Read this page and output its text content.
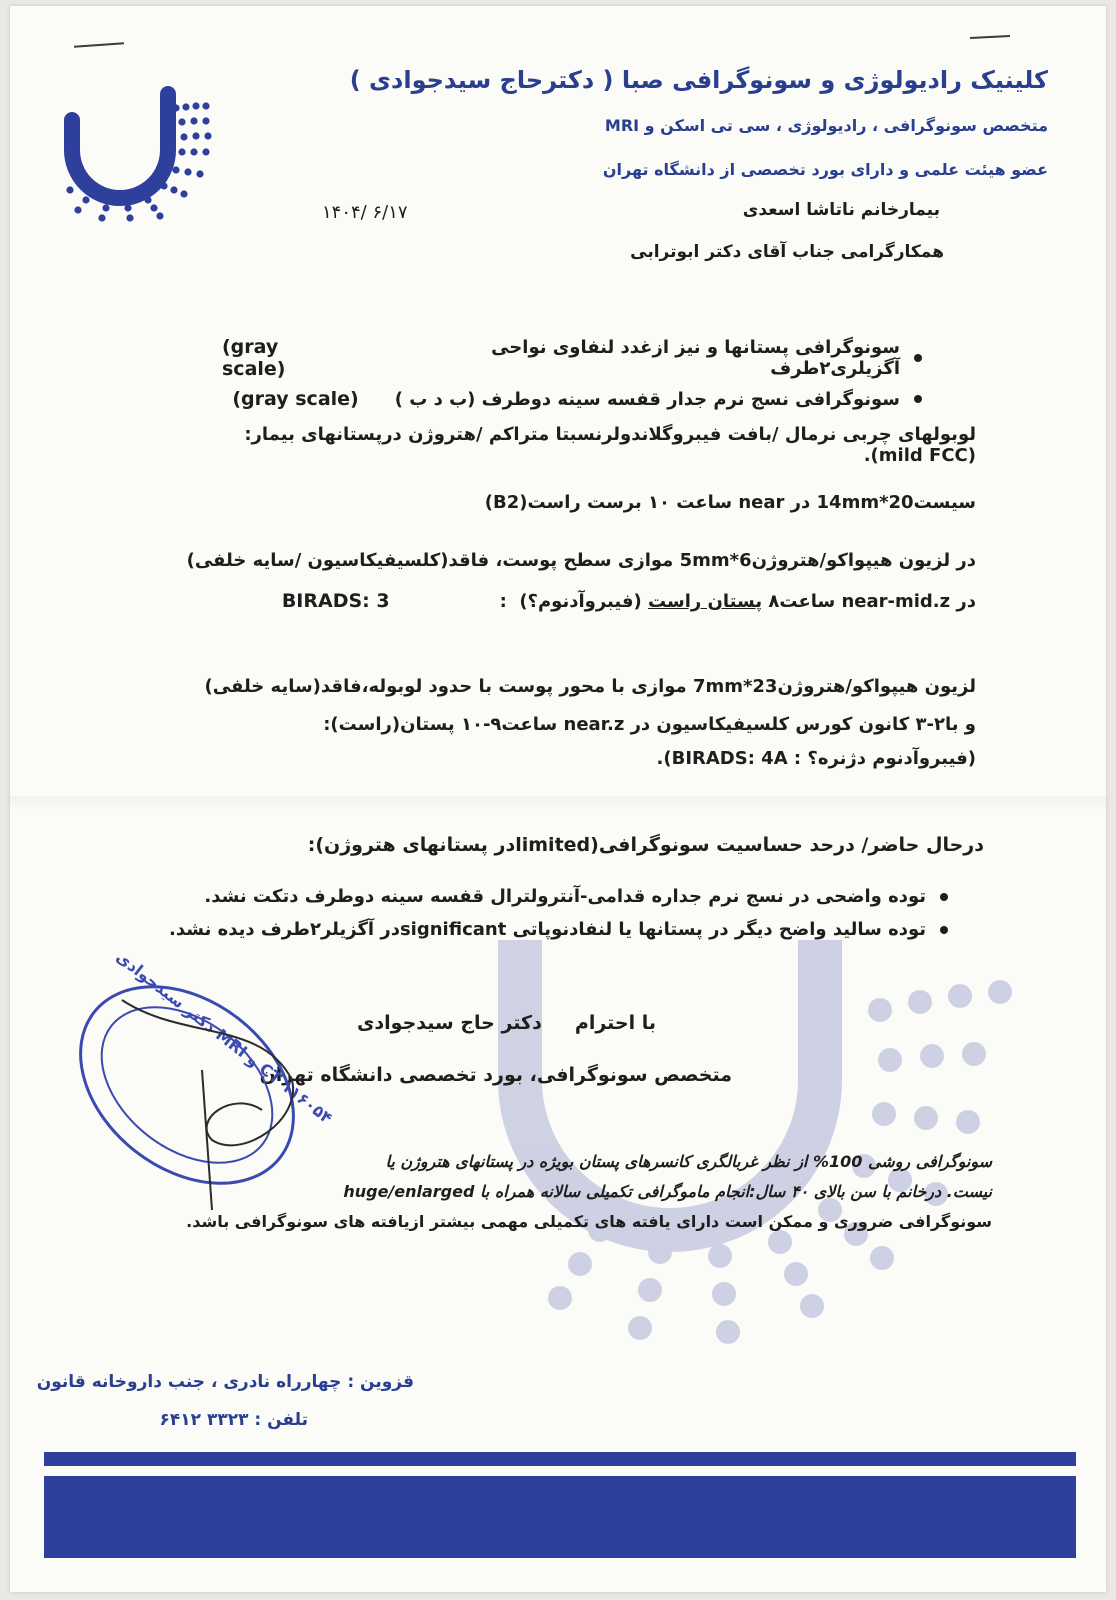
کلینیک رادیولوژی و سونوگرافی صبا ( دکترحاج سیدجوادی )
متخصص سونوگرافی ، رادیولوژی ، سی تی اسکن و MRI
عضو هیئت علمی و دارای بورد تخصصی از دانشگاه تهران
بیمارخانم ناتاشا اسعدی
۱۴۰۴/ ۶/۱۷
همکارگرامی جناب آقای دکتر ابوترابی
سونوگرافی پستانها و نیز ازغدد لنفاوی نواحی آگزیلری۲طرف
(gray scale)
سونوگرافی نسج نرم جدار قفسه سینه دوطرف (ب د ب )
(gray scale)
لوبولهای چربی نرمال /بافت فیبروگلاندولرنسبتا متراکم /هتروژن درپستانهای بیمار: (mild FCC).
سیست20*14mm در near ساعت ۱۰ برست راست(B2)
در لزیون هیپواکو/هتروژن6*5mm موازی سطح پوست، فاقد(کلسیفیکاسیون /سایه خلفی)
در near-mid.z ساعت۸
پستان راست
(فیبروآدنوم؟)  :
BIRADS: 3
لزیون هیپواکو/هتروژن23*7mm موازی با محور پوست با حدود لوبوله،فاقد(سایه خلفی)
و با۲-۳ کانون کورس کلسیفیکاسیون در near.z ساعت۹-۱۰ پستان(راست):
(فیبروآدنوم دژنره؟ : BIRADS: 4A).
درحال حاضر/ درحد حساسیت سونوگرافی(limitedدر پستانهای هتروژن):
توده واضحی در نسج نرم جداره قدامی-آنترولترال قفسه سینه دوطرف دتکت نشد.
توده سالید واضح دیگر در پستانها یا لنفادنوپاتی significantدر آگزیلر۲طرف دیده نشد.
با احترام     دکتر حاج سیدجوادی
متخصص سونوگرافی، بورد تخصصی دانشگاه تهران
دکتر سیدجوادی MRI و CT ۱۱۶۰۵۴
سونوگرافی روشی 100% از نظر غربالگری کانسرهای پستان بویژه در پستانهای هتروژن یا
huge/enlarged نیست. درخانم با سن بالای ۴۰ سال:انجام ماموگرافی تکمیلی سالانه همراه با
سونوگرافی ضروری و ممکن است دارای یافته های تکمیلی مهمی بیشتر ازیافته های سونوگرافی باشد.
قزوین : چهارراه نادری ، جنب داروخانه قانون
تلفن : ۳۳۲۳ ۶۴۱۲
